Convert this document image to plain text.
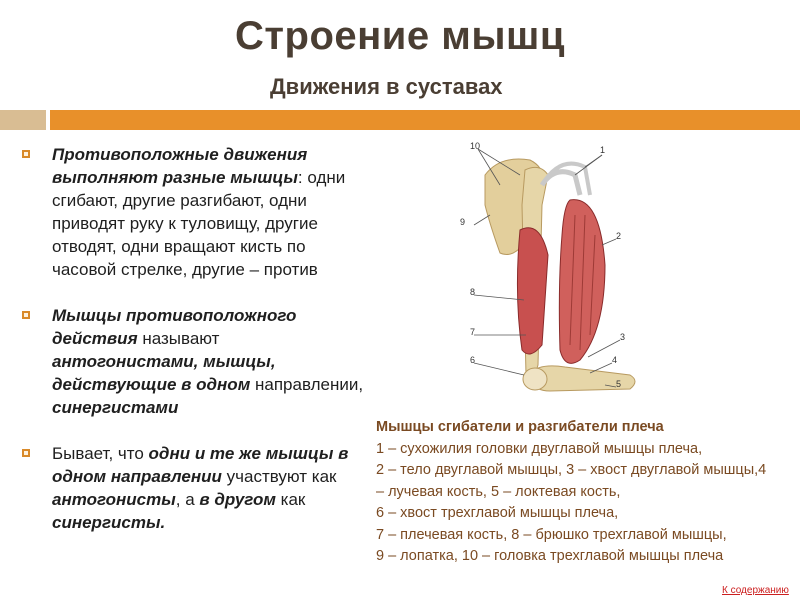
Строение мышц
Движения в суставах
Противоположные движения выполняют разные мышцы: одни сгибают, другие разгибают, одни приводят руку к туловищу, другие отводят, одни вращают кисть по часовой стрелке, другие – против
Мышцы противоположного действия называют антогонистами, мышцы, действующие в одном направлении, синергистами
Бывает, что одни и те же мышцы в одном направлении участвуют как антогонисты, а в другом как синергисты.
10	1
9
2
8
7	3
6	4
5
Мышцы сгибатели и разгибатели плеча
1 – сухожилия головки двуглавой мышцы плеча,
2 – тело двуглавой мышцы, 3 – хвост двуглавой мышцы,4 – лучевая кость, 5 – локтевая кость,
6 – хвост трехглавой мышцы плеча,
7 – плечевая кость, 8 – брюшко трехглавой мышцы,
9 – лопатка, 10 – головка трехглавой мышцы плеча
К содержанию
